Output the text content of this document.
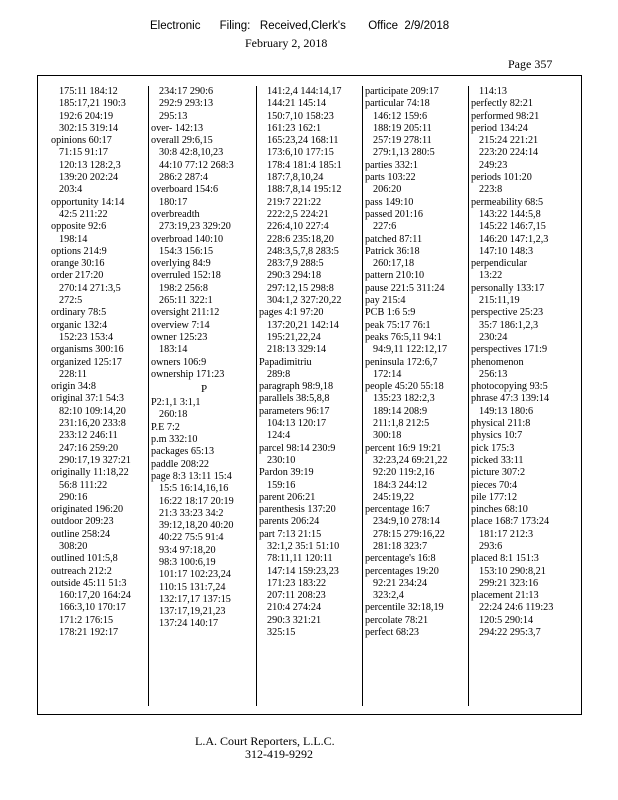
Electronic      Filing:   Received,Clerk's       Office  2/9/2018
February 2, 2018
Page 357
175:11 184:12
185:17,21 190:3
192:6 204:19
302:15 319:14
opinions 60:17
71:15 91:17
120:13 128:2,3
139:20 202:24
203:4
opportunity 14:14
42:5 211:22
opposite 92:6
198:14
options 214:9
orange 30:16
order 217:20
270:14 271:3,5
272:5
ordinary 78:5
organic 132:4
152:23 153:4
organisms 300:16
organized 125:17
228:11
origin 34:8
original 37:1 54:3
82:10 109:14,20
231:16,20 233:8
233:12 246:11
247:16 259:20
290:17,19 327:21
originally 11:18,22
56:8 111:22
290:16
originated 196:20
outdoor 209:23
outline 258:24
308:20
outlined 101:5,8
outreach 212:2
outside 45:11 51:3
160:17,20 164:24
166:3,10 170:17
171:2 176:15
178:21 192:17
234:17 290:6
292:9 293:13
295:13
over- 142:13
overall 29:6,15
30:8 42:8,10,23
44:10 77:12 268:3
286:2 287:4
overboard 154:6
180:17
overbreadth
273:19,23 329:20
overbroad 140:10
154:3 156:15
overlying 84:9
overruled 152:18
198:2 256:8
265:11 322:1
oversight 211:12
overview 7:14
owner 125:23
183:14
owners 106:9
ownership 171:23
P
P2:1,1 3:1,1
260:18
P.E 7:2
p.m 332:10
packages 65:13
paddle 208:22
page 8:3 13:11 15:4
15:5 16:14,16,16
16:22 18:17 20:19
21:3 33:23 34:2
39:12,18,20 40:20
40:22 75:5 91:4
93:4 97:18,20
98:3 100:6,19
101:17 102:23,24
110:15 131:7,24
132:17,17 137:15
137:17,19,21,23
137:24 140:17
141:2,4 144:14,17
144:21 145:14
150:7,10 158:23
161:23 162:1
165:23,24 168:11
173:6,10 177:15
178:4 181:4 185:1
187:7,8,10,24
188:7,8,14 195:12
219:7 221:22
222:2,5 224:21
226:4,10 227:4
228:6 235:18,20
248:3,5,7,8 283:5
283:7,9 288:5
290:3 294:18
297:12,15 298:8
304:1,2 327:20,22
pages 4:1 97:20
137:20,21 142:14
195:21,22,24
218:13 329:14
Papadimitriu
289:8
paragraph 98:9,18
parallels 38:5,8,8
parameters 96:17
104:13 120:17
124:4
parcel 98:14 230:9
230:10
Pardon 39:19
159:16
parent 206:21
parenthesis 137:20
parents 206:24
part 7:13 21:15
32:1,2 35:1 51:10
78:11,11 120:11
147:14 159:23,23
171:23 183:22
207:11 208:23
210:4 274:24
290:3 321:21
325:15
participate 209:17
particular 74:18
146:12 159:6
188:19 205:11
257:19 278:11
279:1,13 280:5
parties 332:1
parts 103:22
206:20
pass 149:10
passed 201:16
227:6
patched 87:11
Patrick 36:18
260:17,18
pattern 210:10
pause 221:5 311:24
pay 215:4
PCB 1:6 5:9
peak 75:17 76:1
peaks 76:5,11 94:1
94:9,11 122:12,17
peninsula 172:6,7
172:14
people 45:20 55:18
135:23 182:2,3
189:14 208:9
211:1,8 212:5
300:18
percent 16:9 19:21
32:23,24 69:21,22
92:20 119:2,16
184:3 244:12
245:19,22
percentage 16:7
234:9,10 278:14
278:15 279:16,22
281:18 323:7
percentage's 16:8
percentages 19:20
92:21 234:24
323:2,4
percentile 32:18,19
percolate 78:21
perfect 68:23
114:13
perfectly 82:21
performed 98:21
period 134:24
215:24 221:21
223:20 224:14
249:23
periods 101:20
223:8
permeability 68:5
143:22 144:5,8
145:22 146:7,15
146:20 147:1,2,3
147:10 148:3
perpendicular
13:22
personally 133:17
215:11,19
perspective 25:23
35:7 186:1,2,3
230:24
perspectives 171:9
phenomenon
256:13
photocopying 93:5
phrase 47:3 139:14
149:13 180:6
physical 211:8
physics 10:7
pick 175:3
picked 33:11
picture 307:2
pieces 70:4
pile 177:12
pinches 68:10
place 168:7 173:24
181:17 212:3
293:6
placed 8:1 151:3
153:10 290:8,21
299:21 323:16
placement 21:13
22:24 24:6 119:23
120:5 290:14
294:22 295:3,7
L.A. Court Reporters, L.L.C.
312-419-9292
